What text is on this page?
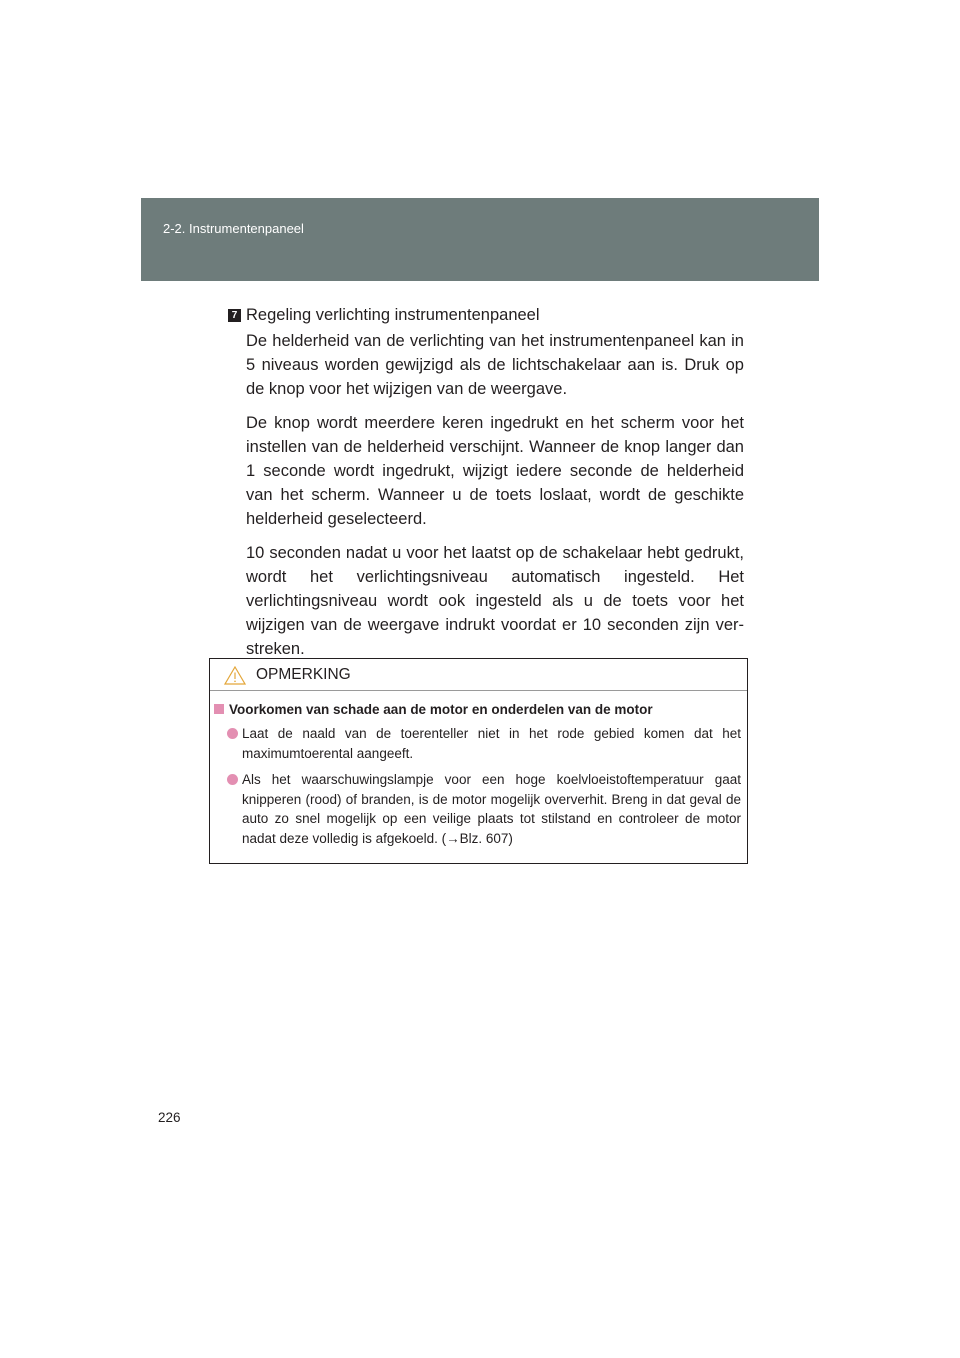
2-2. Instrumentenpaneel
7 Regeling verlichting instrumentenpaneel

De helderheid van de verlichting van het instrumentenpaneel kan in 5 niveaus worden gewijzigd als de lichtschakelaar aan is. Druk op de knop voor het wijzigen van de weergave.

De knop wordt meerdere keren ingedrukt en het scherm voor het instellen van de helderheid verschijnt. Wanneer de knop langer dan 1 seconde wordt ingedrukt, wijzigt iedere seconde de helderheid van het scherm. Wanneer u de toets loslaat, wordt de geschikte helderheid geselecteerd.

10 seconden nadat u voor het laatst op de schakelaar hebt gedrukt, wordt het verlichtingsniveau automatisch ingesteld. Het verlichtingsniveau wordt ook ingesteld als u de toets voor het wijzigen van de weergave indrukt voordat er 10 seconden zijn ver-streken.

OPMERKING

Voorkomen van schade aan de motor en onderdelen van de motor

Laat de naald van de toerenteller niet in het rode gebied komen dat het maximumtoerental aangeeft.

Als het waarschuwingslampje voor een hoge koelvloeistoftemperatuur gaat knipperen (rood) of branden, is de motor mogelijk oververhit. Breng in dat geval de auto zo snel mogelijk op een veilige plaats tot stilstand en controleer de motor nadat deze volledig is afgekoeld. (→Blz. 607)

226
